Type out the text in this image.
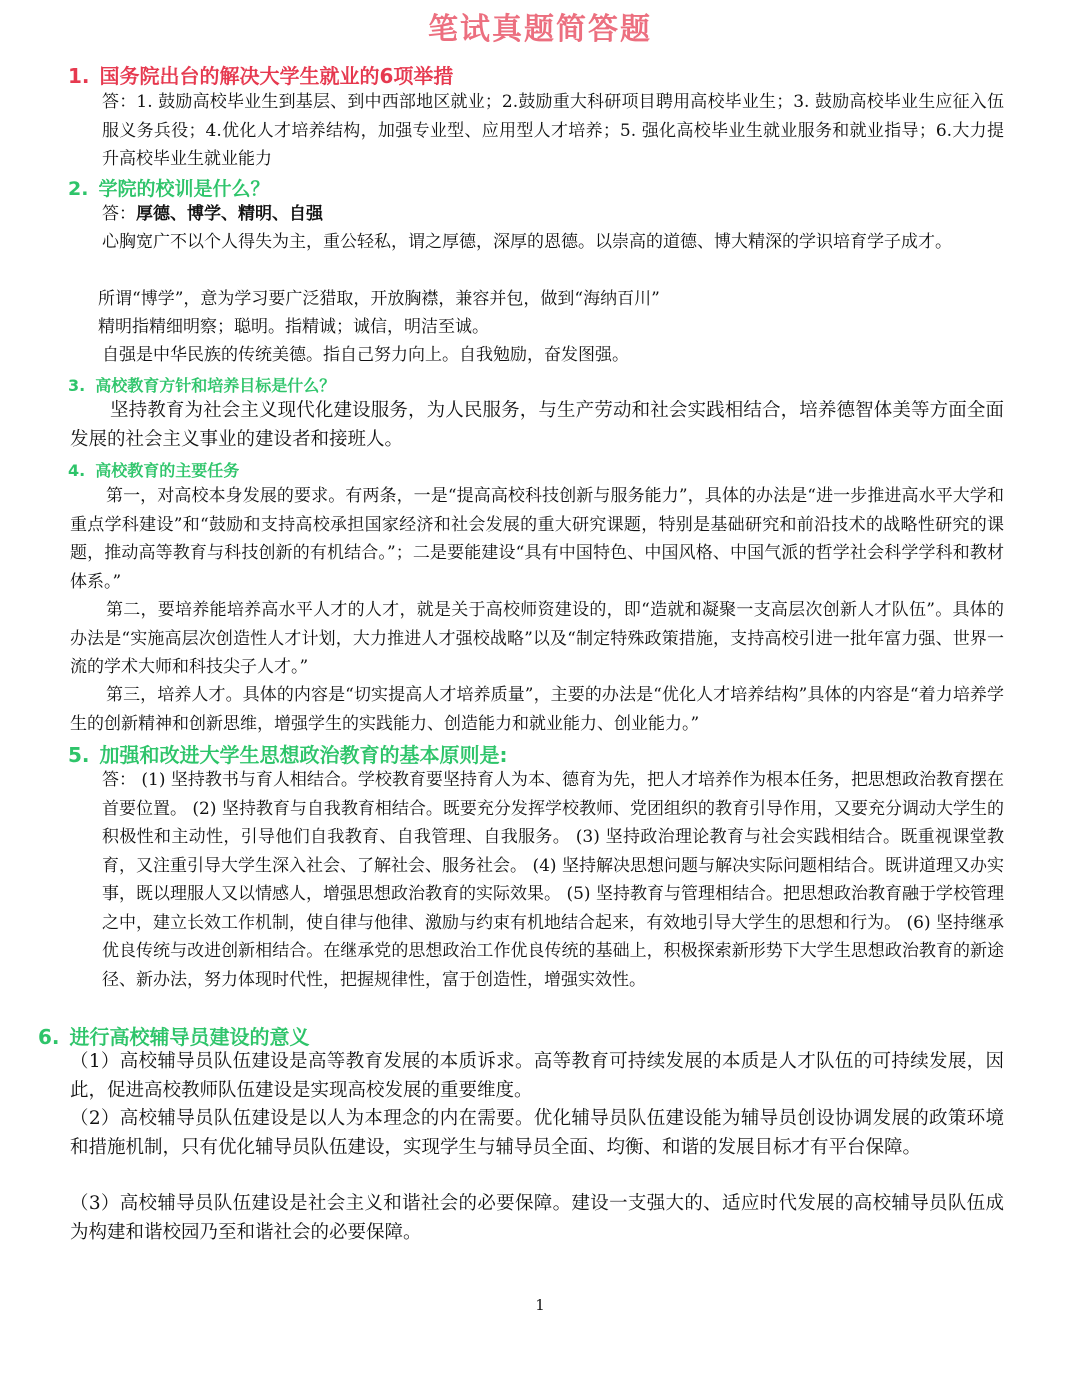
笔试真题简答题
1. 国务院出台的解决大学生就业的6项举措

答：1. 鼓励高校毕业生到基层、到中西部地区就业；2.鼓励重大科研项目聘用高校毕业生；3. 鼓励高校毕业生应征入伍服义务兵役；4.优化人才培养结构，加强专业型、应用型人才培养；5. 强化高校毕业生就业服务和就业指导；6.大力提升高校毕业生就业能力

2. 学院的校训是什么？

答：厚德、博学、精明、自强

心胸宽广不以个人得失为主，重公轻私，谓之厚德，深厚的恩德。以崇高的道德、博大精深的学识培育学子成才。

所谓“博学”，意为学习要广泛猎取，开放胸襟，兼容并包，做到“海纳百川”

精明指精细明察；聪明。指精诚；诚信，明洁至诚。

自强是中华民族的传统美德。指自己努力向上。自我勉励，奋发图强。

3. 高校教育方针和培养目标是什么？

坚持教育为社会主义现代化建设服务，为人民服务，与生产劳动和社会实践相结合，培养德智体美等方面全面发展的社会主义事业的建设者和接班人。

4. 高校教育的主要任务

第一，对高校本身发展的要求。有两条，一是“提高高校科技创新与服务能力”，具体的办法是“进一步推进高水平大学和重点学科建设”和“鼓励和支持高校承担国家经济和社会发展的重大研究课题，特别是基础研究和前沿技术的战略性研究的课题，推动高等教育与科技创新的有机结合。”；二是要能建设“具有中国特色、中国风格、中国气派的哲学社会科学学科和教材体系。”

第二，要培养能培养高水平人才的人才，就是关于高校师资建设的，即“造就和凝聚一支高层次创新人才队伍”。具体的办法是“实施高层次创造性人才计划，大力推进人才强校战略”以及“制定特殊政策措施，支持高校引进一批年富力强、世界一流的学术大师和科技尖子人才。”

第三，培养人才。具体的内容是“切实提高人才培养质量”，主要的办法是“优化人才培养结构”具体的内容是“着力培养学生的创新精神和创新思维，增强学生的实践能力、创造能力和就业能力、创业能力。”

5. 加强和改进大学生思想政治教育的基本原则是:

答： (1) 坚持教书与育人相结合。学校教育要坚持育人为本、德育为先，把人才培养作为根本任务，把思想政治教育摆在首要位置。 (2) 坚持教育与自我教育相结合。既要充分发挥学校教师、党团组织的教育引导作用，又要充分调动大学生的积极性和主动性，引导他们自我教育、自我管理、自我服务。 (3) 坚持政治理论教育与社会实践相结合。既重视课堂教育，又注重引导大学生深入社会、了解社会、服务社会。 (4) 坚持解决思想问题与解决实际问题相结合。既讲道理又办实事，既以理服人又以情感人，增强思想政治教育的实际效果。 (5) 坚持教育与管理相结合。把思想政治教育融于学校管理之中，建立长效工作机制，使自律与他律、激励与约束有机地结合起来，有效地引导大学生的思想和行为。 (6) 坚持继承优良传统与改进创新相结合。在继承党的思想政治工作优良传统的基础上，积极探索新形势下大学生思想政治教育的新途径、新办法，努力体现时代性，把握规律性，富于创造性，增强实效性。

6. 进行高校辅导员建设的意义

（1）高校辅导员队伍建设是高等教育发展的本质诉求。高等教育可持续发展的本质是人才队伍的可持续发展，因此，促进高校教师队伍建设是实现高校发展的重要维度。

（2）高校辅导员队伍建设是以人为本理念的内在需要。优化辅导员队伍建设能为辅导员创设协调发展的政策环境和措施机制，只有优化辅导员队伍建设，实现学生与辅导员全面、均衡、和谐的发展目标才有平台保障。

（3）高校辅导员队伍建设是社会主义和谐社会的必要保障。建设一支强大的、适应时代发展的高校辅导员队伍成为构建和谐校园乃至和谐社会的必要保障。

1
